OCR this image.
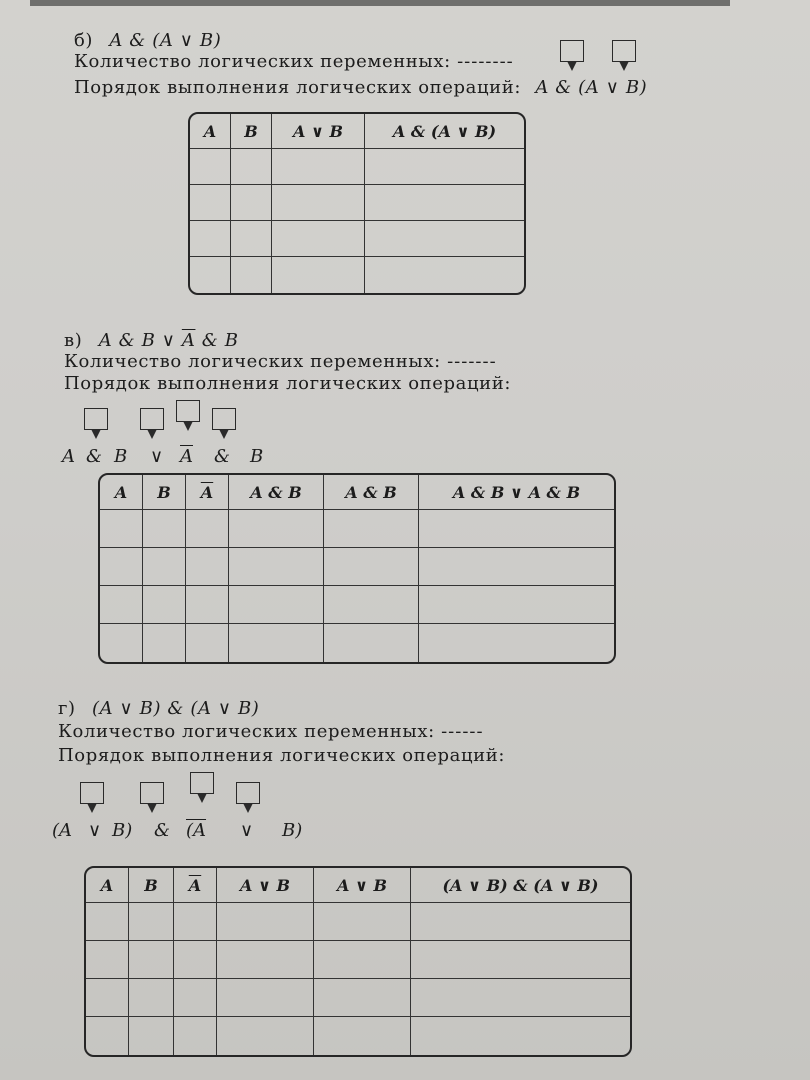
б) A & (A ∨ B)
Количество логических переменных: --------
Порядок выполнения логических операций: A & (A ∨ B)
A	B	A ∨ B	A & (A ∨ B)

в) A & B ∨ $\overline{A}$ & B
Количество логических переменных: -------
Порядок выполнения логических операций:
A & B ∨ $\overline{A}$ & B
A	B	$\overline{A}$	A & B	A & B	A & B ∨ A & B

г) (A ∨ B) & (A ∨ B)
Количество логических переменных: ------
Порядок выполнения логических операций:
(A ∨ B) & (A ∨ B)
A	B	$\overline{A}$	A ∨ B	A ∨ B	(A ∨ B) & (A ∨ B)
